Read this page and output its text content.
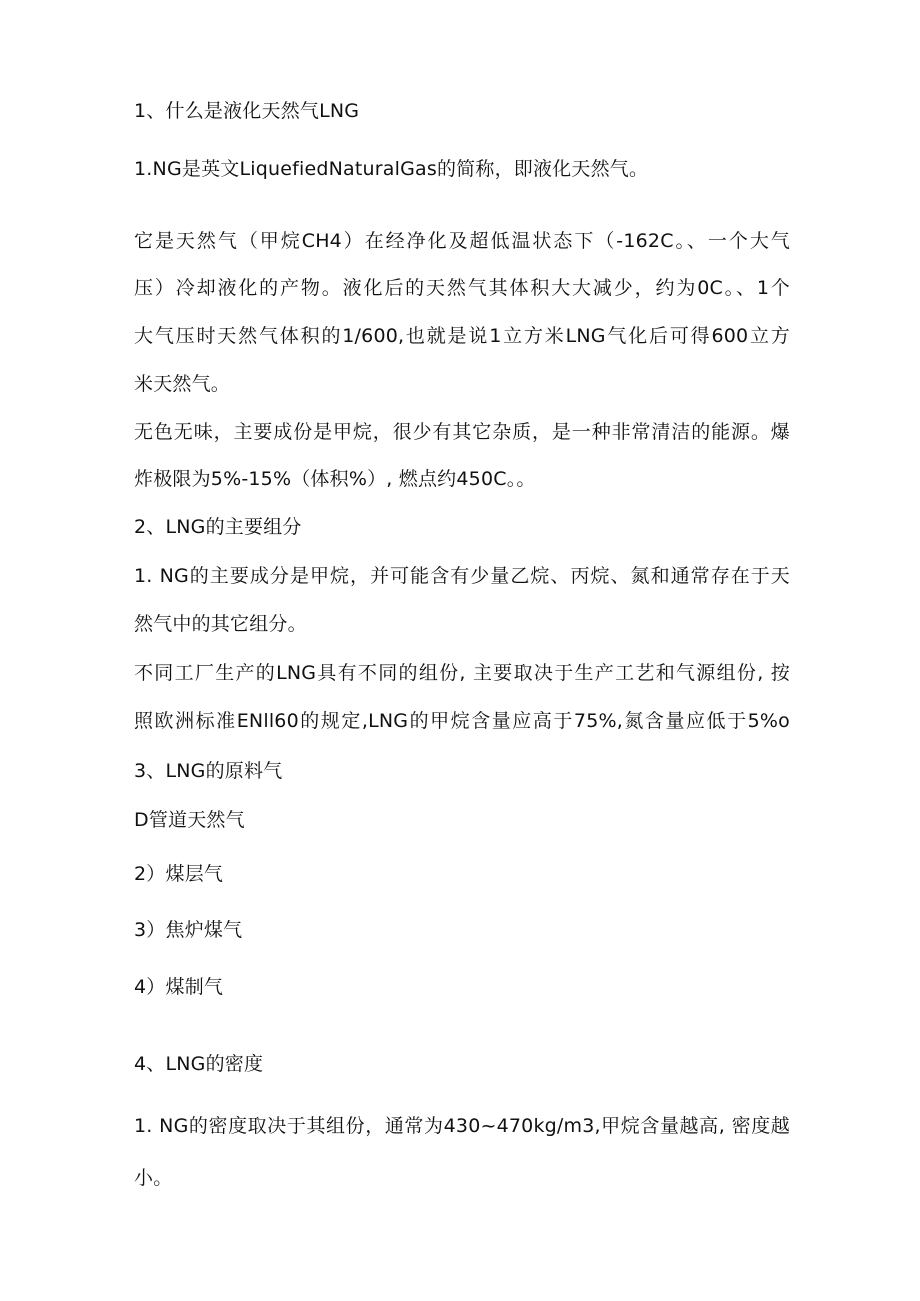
1、什么是液化天然气LNG
1.NG是英文LiquefiedNaturalGas的简称，即液化天然气。
它是天然气（甲烷CH4）在经净化及超低温状态下（-162C。、一个大气
压）冷却液化的产物。液化后的天然气其体积大大减少，约为0C。、1个
大气压时天然气体积的1/600,也就是说1立方米LNG气化后可得600立方
米天然气。
无色无味，主要成份是甲烷，很少有其它杂质，是一种非常清洁的能源。爆
炸极限为5%-15%（体积%）, 燃点约450C。。
2、LNG的主要组分
1. NG的主要成分是甲烷，并可能含有少量乙烷、丙烷、氮和通常存在于天
然气中的其它组分。
不同工厂生产的LNG具有不同的组份, 主要取决于生产工艺和气源组份, 按
照欧洲标准ENll60的规定,LNG的甲烷含量应高于75%,氮含量应低于5%o
3、LNG的原料气
D管道天然气
2）煤层气
3）焦炉煤气
4）煤制气
4、LNG的密度
1. NG的密度取决于其组份，通常为430~470kg∕m3,甲烷含量越高, 密度越
小。
